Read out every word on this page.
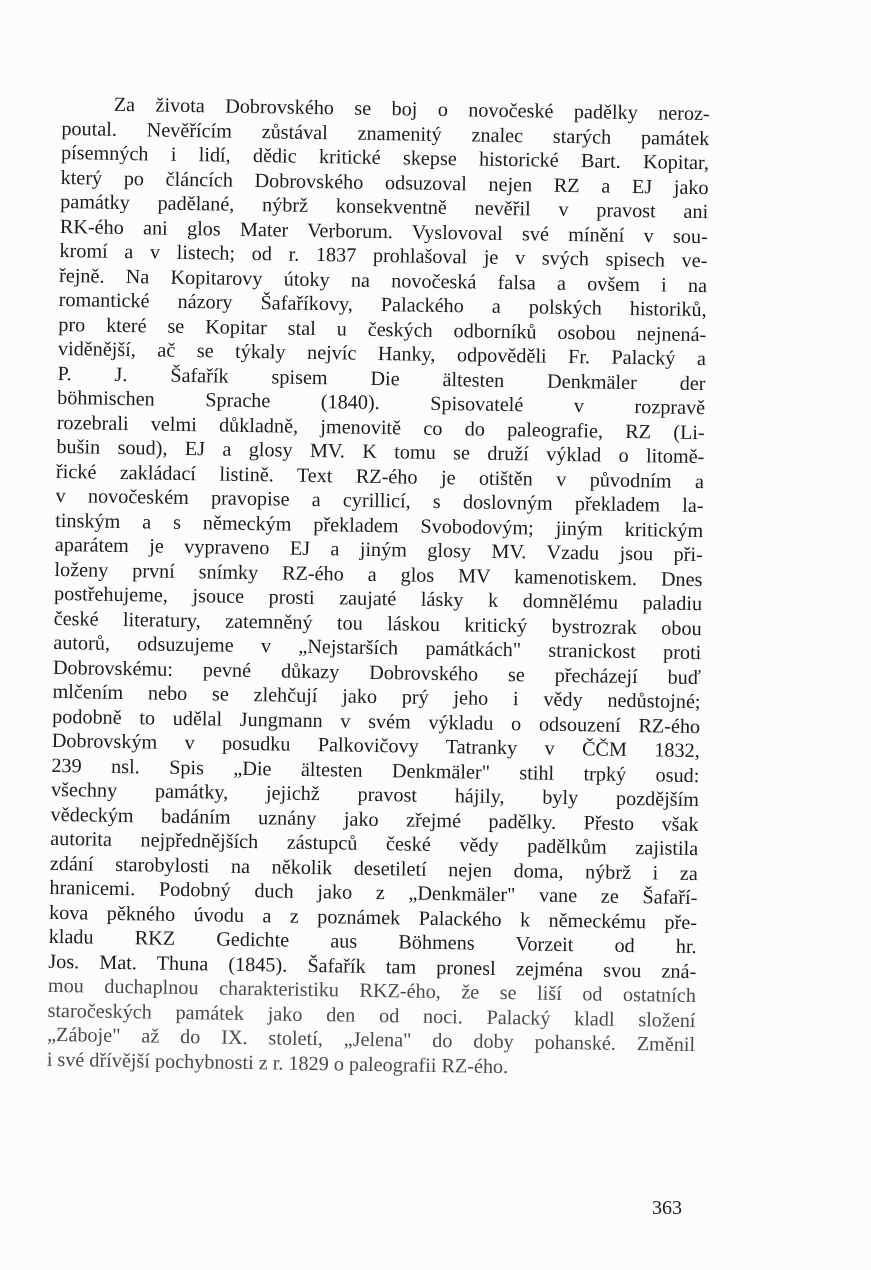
Za života Dobrovského se boj o novočeské padělky neroz-
poutal. Nevěřícím zůstával znamenitý znalec starých památek
písemných i lidí, dědic kritické skepse historické Bart. Kopitar,
který po článcích Dobrovského odsuzoval nejen RZ a EJ jako
památky padělané, nýbrž konsekventně nevěřil v pravost ani
RK-ého ani glos Mater Verborum. Vyslovoval své mínění v sou-
kromí a v listech; od r. 1837 prohlašoval je v svých spisech ve-
řejně. Na Kopitarovy útoky na novočeská falsa a ovšem i na
romantické názory Šafaříkovy, Palackého a polských historiků,
pro které se Kopitar stal u českých odborníků osobou nejnená-
viděnější, ač se týkaly nejvíc Hanky, odpověděli Fr. Palacký a
P. J. Šafařík spisem Die ältesten Denkmäler der
böhmischen Sprache (1840). Spisovatelé v rozpravě
rozebrali velmi důkladně, jmenovitě co do paleografie, RZ (Li-
bušin soud), EJ a glosy MV. K tomu se druží výklad o litomě-
řické zakládací listině. Text RZ-ého je otištěn v původním a
v novočeském pravopise a cyrillicí, s doslovným překladem la-
tinským a s německým překladem Svobodovým; jiným kritickým
aparátem je vypraveno EJ a jiným glosy MV. Vzadu jsou při-
loženy první snímky RZ-ého a glos MV kamenotiskem. Dnes
postřehujeme, jsouce prosti zaujaté lásky k domnělému paladiu
české literatury, zatemněný tou láskou kritický bystrozrak obou
autorů, odsuzujeme v „Nejstarších památkách" stranickost proti
Dobrovskému: pevné důkazy Dobrovského se přecházejí buď
mlčením nebo se zlehčují jako prý jeho i vědy nedůstojné;
podobně to udělal Jungmann v svém výkladu o odsouzení RZ-ého
Dobrovským v posudku Palkovičovy Tatranky v ČČM 1832,
239 nsl. Spis „Die ältesten Denkmäler" stihl trpký osud:
všechny památky, jejichž pravost hájily, byly pozdějším
vědeckým badáním uznány jako zřejmé padělky. Přesto však
autorita nejpřednějších zástupců české vědy padělkům zajistila
zdání starobylosti na několik desetiletí nejen doma, nýbrž i za
hranicemi. Podobný duch jako z „Denkmäler" vane ze Šafaří-
kova pěkného úvodu a z poznámek Palackého k německému pře-
kladu RKZ Gedichte aus Böhmens Vorzeit od hr.
Jos. Mat. Thuna (1845). Šafařík tam pronesl zejména svou zná-
mou duchaplnou charakteristiku RKZ-ého, že se liší od ostatních
staročeských památek jako den od noci. Palacký kladl složení
„Záboje" až do IX. století, „Jelena" do doby pohanské. Změnil
i své dřívější pochybnosti z r. 1829 o paleografii RZ-ého.
363
